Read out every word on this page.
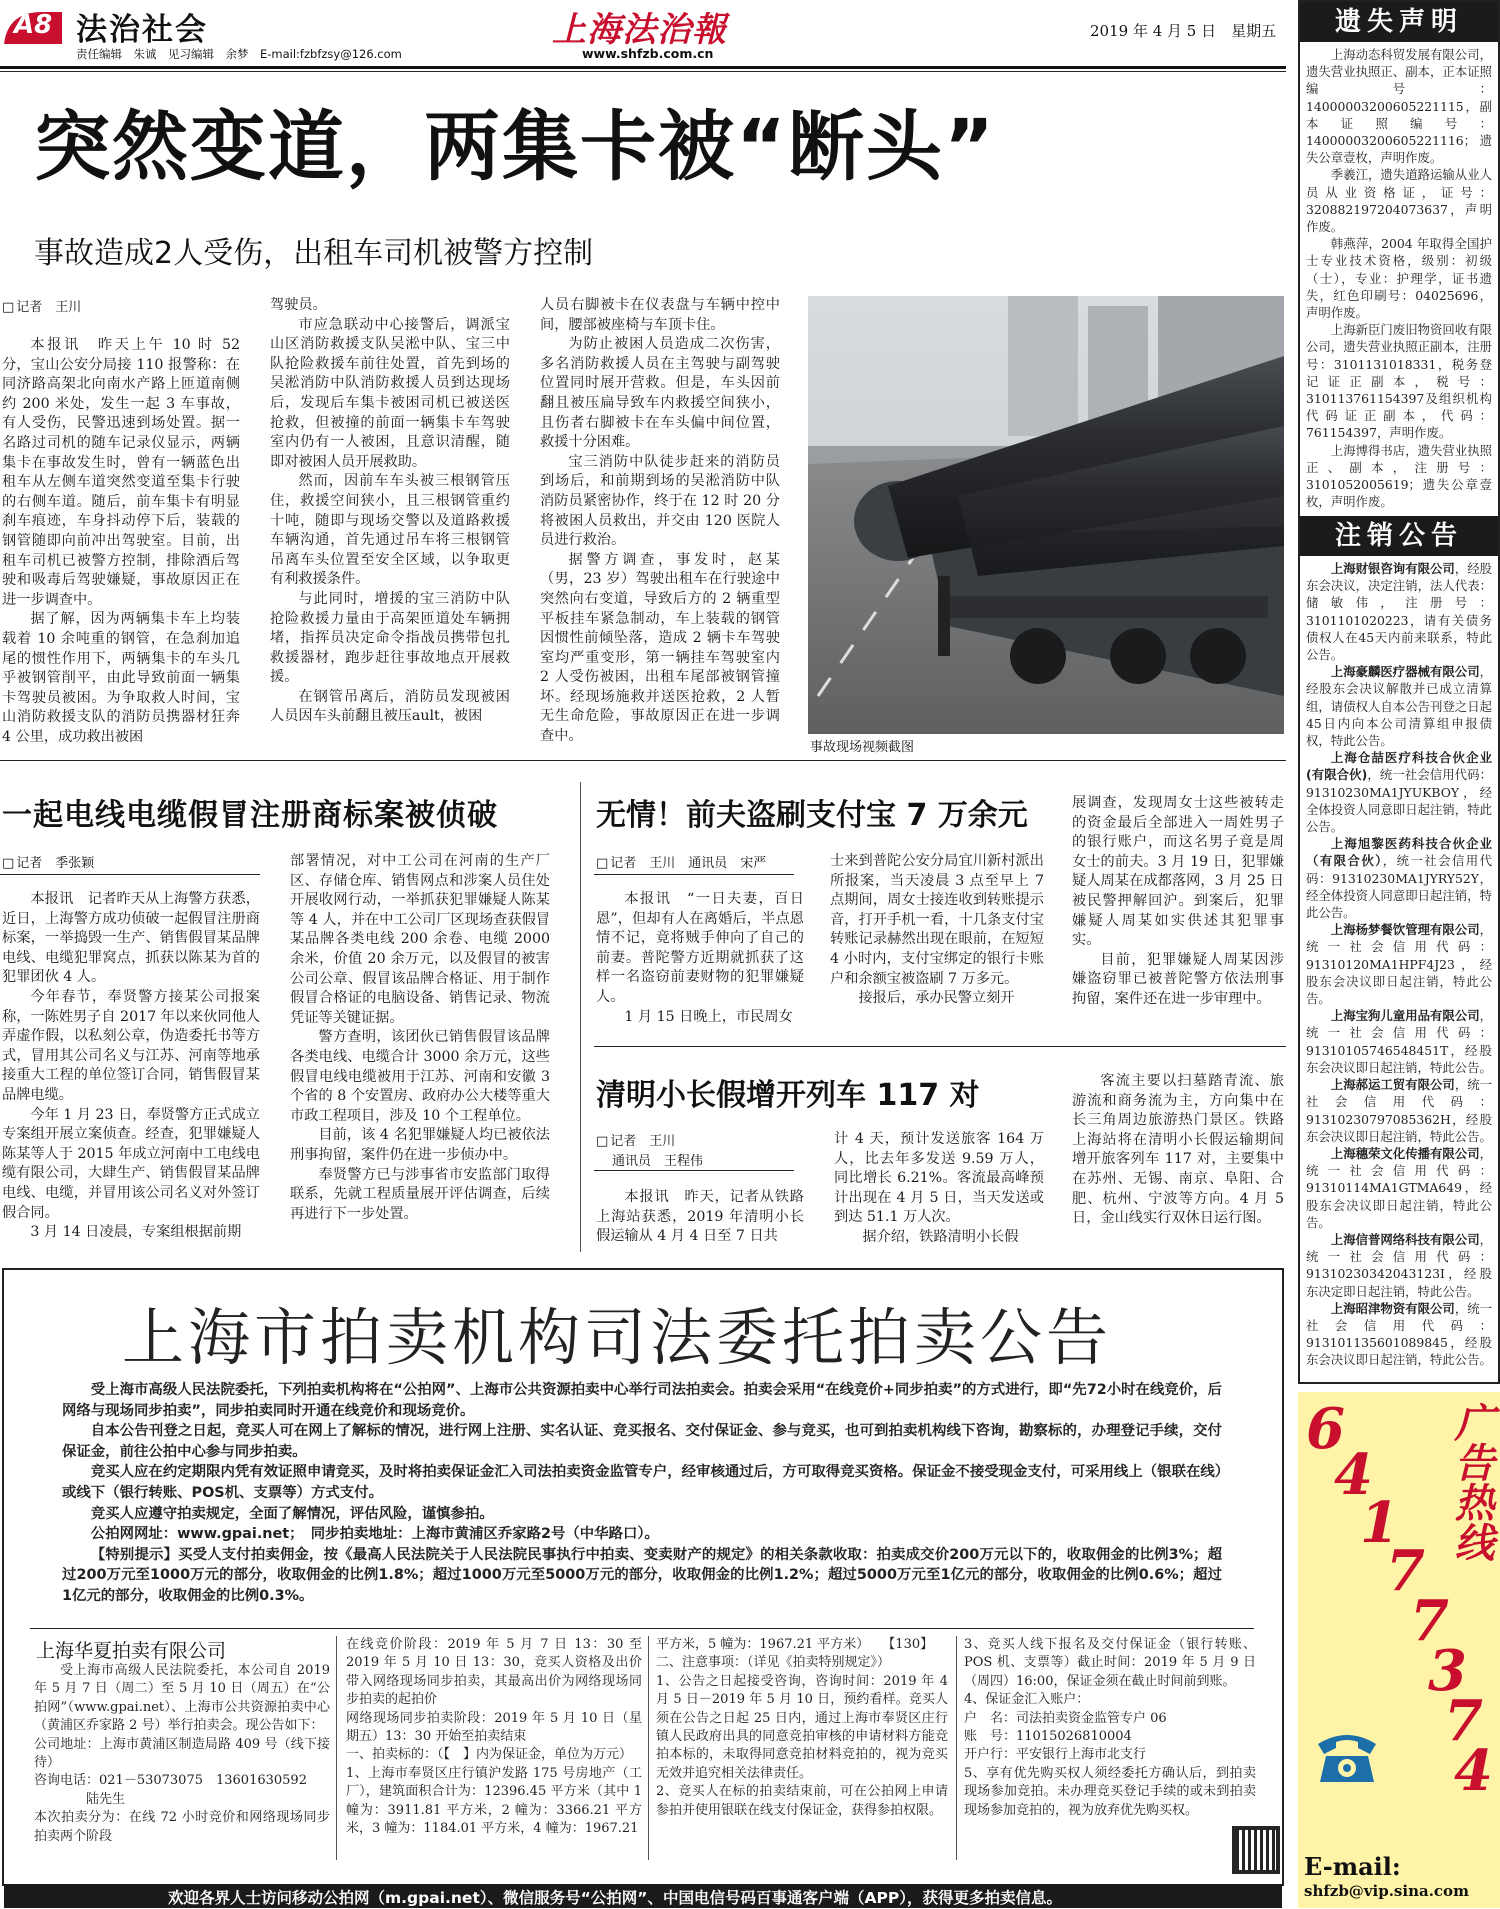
A8 法治社会
责任编辑　朱诚　见习编辑　余梦　E-mail:fzbfzsy@126.com
上海法治報
www.shfzb.com.cn
2019 年 4 月 5 日　星期五
突然变道，两集卡被“断头”
事故造成2人受伤，出租车司机被警方控制
□ 记者　王川

本报讯　昨天上午 10 时 52 分，宝山公安分局接 110 报警称：在同济路高架北向南水产路上匝道南侧约 200 米处，发生一起 3 车事故，有人受伤，民警迅速到场处置。据一名路过司机的随车记录仪显示，两辆集卡在事故发生时，曾有一辆蓝色出租车从左侧车道突然变道至集卡行驶的右侧车道。随后，前车集卡有明显刹车痕迹，车身抖动停下后，装载的钢管随即向前冲出驾驶室。目前，出租车司机已被警方控制，排除酒后驾驶和吸毒后驾驶嫌疑，事故原因正在进一步调查中。

据了解，因为两辆集卡车上均装载着 10 余吨重的钢管，在急刹加追尾的惯性作用下，两辆集卡的车头几乎被钢管削平，由此导致前面一辆集卡驾驶员被困。为争取救人时间，宝山消防救援支队的消防员携器材狂奔 4 公里，成功救出被困

驾驶员。

市应急联动中心接警后，调派宝山区消防救援支队吴淞中队、宝三中队抢险救援车前往处置，首先到场的吴淞消防中队消防救援人员到达现场后，发现后车集卡被困司机已被送医抢救，但被撞的前面一辆集卡车驾驶室内仍有一人被困，且意识清醒，随即对被困人员开展救助。

然而，因前车车头被三根钢管压住，救援空间狭小，且三根钢管重约十吨，随即与现场交警以及道路救援车辆沟通，首先通过吊车将三根钢管吊离车头位置至安全区域，以争取更有利救援条件。

与此同时，增援的宝三消防中队抢险救援力量由于高架匝道处车辆拥堵，指挥员决定命令指战员携带包扎救援器材，跑步赶往事故地点开展救援。

在钢管吊离后，消防员发现被困人员因车头前翻且被压ault，被困

人员右脚被卡在仪表盘与车辆中控中间，腰部被座椅与车顶卡住。

为防止被困人员造成二次伤害，多名消防救援人员在主驾驶与副驾驶位置同时展开营救。但是，车头因前翻且被压扁导致车内救援空间狭小，且伤者右脚被卡在车头偏中间位置，救援十分困难。

宝三消防中队徒步赶来的消防员到场后，和前期到场的吴淞消防中队消防员紧密协作，终于在 12 时 20 分将被困人员救出，并交由 120 医院人员进行救治。

据警方调查，事发时，赵某（男，23 岁）驾驶出租车在行驶途中突然向右变道，导致后方的 2 辆重型平板挂车紧急制动，车上装载的钢管因惯性前倾坠落，造成 2 辆卡车驾驶室均严重变形，第一辆挂车驾驶室内 2 人受伤被困，出租车尾部被钢管撞坏。经现场施救并送医抢救，2 人暂无生命危险，事故原因正在进一步调查中。

事故现场视频截图
一起电线电缆假冒注册商标案被侦破
□ 记者　季张颖

本报讯　记者昨天从上海警方获悉，近日，上海警方成功侦破一起假冒注册商标案，一举捣毁一生产、销售假冒某品牌电线、电缆犯罪窝点，抓获以陈某为首的犯罪团伙 4 人。

今年春节，奉贤警方接某公司报案称，一陈姓男子自 2017 年以来伙同他人弄虚作假，以私刻公章，伪造委托书等方式，冒用其公司名义与江苏、河南等地承接重大工程的单位签订合同，销售假冒某品牌电缆。

今年 1 月 23 日，奉贤警方正式成立专案组开展立案侦查。经查，犯罪嫌疑人陈某等人于 2015 年成立河南中工电线电缆有限公司，大肆生产、销售假冒某品牌电线、电缆，并冒用该公司名义对外签订假合同。

3 月 14 日凌晨，专案组根据前期

部署情况，对中工公司在河南的生产厂区、存储仓库、销售网点和涉案人员住处开展收网行动，一举抓获犯罪嫌疑人陈某等 4 人，并在中工公司厂区现场查获假冒某品牌各类电线 200 余卷、电缆 2000 余米，价值 20 余万元，以及假冒的被害公司公章、假冒该品牌合格证、用于制作假冒合格证的电脑设备、销售记录、物流凭证等关键证据。

警方查明，该团伙已销售假冒该品牌各类电线、电缆合计 3000 余万元，这些假冒电线电缆被用于江苏、河南和安徽 3 个省的 8 个安置房、政府办公大楼等重大市政工程项目，涉及 10 个工程单位。

目前，该 4 名犯罪嫌疑人均已被依法刑事拘留，案件仍在进一步侦办中。

奉贤警方已与涉事省市安监部门取得联系，先就工程质量展开评估调查，后续再进行下一步处置。

无情！前夫盗刷支付宝 7 万余元
□ 记者　王川　通讯员　宋严

本报讯　“一日夫妻，百日恩”，但却有人在离婚后，半点恩情不记，竟将贼手伸向了自己的前妻。普陀警方近期就抓获了这样一名盗窃前妻财物的犯罪嫌疑人。

1 月 15 日晚上，市民周女

士来到普陀公安分局宜川新村派出所报案，当天凌晨 3 点至早上 7 点期间，周女士接连收到转账提示音，打开手机一看，十几条支付宝转账记录赫然出现在眼前，在短短 4 小时内，支付宝绑定的银行卡账户和余额宝被盗刷 7 万多元。

接报后，承办民警立刻开

展调查，发现周女士这些被转走的资金最后全部进入一周姓男子的银行账户，而这名男子竟是周女士的前夫。3 月 19 日，犯罪嫌疑人周某在成都落网，3 月 25 日被民警押解回沪。到案后，犯罪嫌疑人周某如实供述其犯罪事实。

目前，犯罪嫌疑人周某因涉嫌盗窃罪已被普陀警方依法刑事拘留，案件还在进一步审理中。

清明小长假增开列车 117 对
□ 记者　王川
通讯员　王程伟

本报讯　昨天，记者从铁路上海站获悉，2019 年清明小长假运输从 4 月 4 日至 7 日共

计 4 天，预计发送旅客 164 万人，比去年多发送 9.59 万人，同比增长 6.21%。客流最高峰预计出现在 4 月 5 日，当天发送或到达 51.1 万人次。

据介绍，铁路清明小长假

客流主要以扫墓踏青流、旅游流和商务流为主，方向集中在长三角周边旅游热门景区。铁路上海站将在清明小长假运输期间增开旅客列车 117 对，主要集中在苏州、无锡、南京、阜阳、合肥、杭州、宁波等方向。4 月 5 日，金山线实行双休日运行图。

上海市拍卖机构司法委托拍卖公告

受上海市高级人民法院委托，下列拍卖机构将在“公拍网”、上海市公共资源拍卖中心举行司法拍卖会。拍卖会采用“在线竞价+同步拍卖”的方式进行，即“先72小时在线竞价，后网络与现场同步拍卖”，同步拍卖同时开通在线竞价和现场竞价。

自本公告刊登之日起，竞买人可在网上了解标的情况，进行网上注册、实名认证、竞买报名、交付保证金、参与竞买，也可到拍卖机构线下咨询，勘察标的，办理登记手续，交付保证金，前往公拍中心参与同步拍卖。

竞买人应在约定期限内凭有效证照申请竞买，及时将拍卖保证金汇入司法拍卖资金监管专户，经审核通过后，方可取得竞买资格。保证金不接受现金支付，可采用线上（银联在线）或线下（银行转账、POS机、支票等）方式支付。

竞买人应遵守拍卖规定，全面了解情况，评估风险，谨慎参拍。

公拍网网址：www.gpai.net；　同步拍卖地址：上海市黄浦区乔家路2号（中华路口）。

【特别提示】买受人支付拍卖佣金，按《最高人民法院关于人民法院民事执行中拍卖、变卖财产的规定》的相关条款收取：拍卖成交价200万元以下的，收取佣金的比例3%；超过200万元至1000万元的部分，收取佣金的比例1.8%；超过1000万元至5000万元的部分，收取佣金的比例1.2%；超过5000万元至1亿元的部分，收取佣金的比例0.6%；超过1亿元的部分，收取佣金的比例0.3%。

上海华夏拍卖有限公司

受上海市高级人民法院委托，本公司自 2019 年 5 月 7 日（周二）至 5 月 10 日（周五）在“公拍网”（www.gpai.net）、上海市公共资源拍卖中心（黄浦区乔家路 2 号）举行拍卖会。现公告如下：

公司地址：上海市黄浦区制造局路 409 号（线下接待）

咨询电话：021－53073075　13601630592

陆先生

本次拍卖分为：在线 72 小时竞价和网络现场同步拍卖两个阶段

在线竞价阶段：2019 年 5 月 7 日 13：30 至 2019 年 5 月 10 日 13：30，竞买人资格及出价带入网络现场同步拍卖，其最高出价为网络现场同步拍卖的起拍价

网络现场同步拍卖阶段：2019 年 5 月 10 日（星期五）13：30 开始至拍卖结束

一、拍卖标的：（【　】内为保证金，单位为万元）

1、上海市奉贤区庄行镇沪发路 175 号房地产（工厂），建筑面积合计为：12396.45 平方米（其中 1 幢为：3911.81 平方米，2 幢为：3366.21 平方米，3 幢为：1184.01 平方米，4 幢为：1967.21

平方米，5 幢为：1967.21 平方米）　　【130】

二、注意事项：（详见《拍卖特别规定》）

1、公告之日起接受咨询，咨询时间：2019 年 4 月 5 日－2019 年 5 月 10 日，预约看样。竞买人须在公告之日起 25 日内，通过上海市奉贤区庄行镇人民政府出具的同意竞拍审核的申请材料方能竞拍本标的，未取得同意竞拍材料竞拍的，视为竞买无效并追究相关法律责任。

2、竞买人在标的拍卖结束前，可在公拍网上申请参拍并使用银联在线支付保证金，获得参拍权限。

3、竞买人线下报名及交付保证金（银行转账、POS 机、支票等）截止时间：2019 年 5 月 9 日（周四）16:00，保证金须在截止时间前到账。

4、保证金汇入账户：

户　名：司法拍卖资金监管专户 06

账　号：11015026810004

开户行：平安银行上海市北支行

5、享有优先购买权人须经委托方确认后，到拍卖现场参加竞拍。未办理竞买登记手续的或未到拍卖现场参加竞拍的，视为放弃优先购买权。

欢迎各界人士访问移动公拍网（m.gpai.net）、微信服务号“公拍网”、中国电信号码百事通客户端（APP），获得更多拍卖信息。
遗失声明

上海动态科贸发展有限公司，遗失营业执照正、副本，正本证照编号：14000003200605221115，副本证照编号：14000003200605221116；遗失公章壹枚，声明作废。

季羲江，遗失道路运输从业人员从业资格证，证号：320882197204073637，声明作废。

韩燕萍，2004 年取得全国护士专业技术资格，级别：初级（士），专业：护理学，证书遗失，红色印刷号：04025696，声明作废。

上海新臣门废旧物资回收有限公司，遗失营业执照正副本，注册号：3101131018331，税务登记证正副本，税号：310113761154397及组织机构代码证正副本，代码：761154397，声明作废。

上海博得书店，遗失营业执照正、副本，注册号：3101052005619；遗失公章壹枚，声明作废。

注销公告

上海财银咨询有限公司，经股东会决议，决定注销，法人代表：储敏伟，注册号：3101101020223，请有关债务债权人在45天内前来联系，特此公告。

上海豪麟医疗器械有限公司，经股东会决议解散并已成立清算组，请债权人自本公告刊登之日起45日内向本公司清算组申报债权，特此公告。

上海仓喆医疗科技合伙企业(有限合伙)，统一社会信用代码：91310230MA1JYUKBOY，经全体投资人同意即日起注销，特此公告。

上海旭黎医药科技合伙企业（有限合伙），统一社会信用代码：91310230MA1JYRY52Y，经全体投资人同意即日起注销，特此公告。

上海杨梦餐饮管理有限公司，统一社会信用代码：91310120MA1HPF4J23，经股东会决议即日起注销，特此公告。

上海宝狗儿童用品有限公司，统一社会信用代码：91310105746548451T，经股东会决议即日起注销，特此公告。

上海郝运工贸有限公司，统一社会信用代码：91310230797085362H，经股东会决议即日起注销，特此公告。

上海穗荣文化传播有限公司，统一社会信用代码：91310114MA1GTMA649，经股东会决议即日起注销，特此公告。

上海信普网络科技有限公司，统一社会信用代码：91310230342043123I，经股东决定即日起注销，特此公告。

上海昭津物资有限公司，统一社会信用代码：913101135601089845，经股东会决议即日起注销，特此公告。

广告热线
6
4
1
7
7
3
7
4
E-mail:
shfzb@vip.sina.com
